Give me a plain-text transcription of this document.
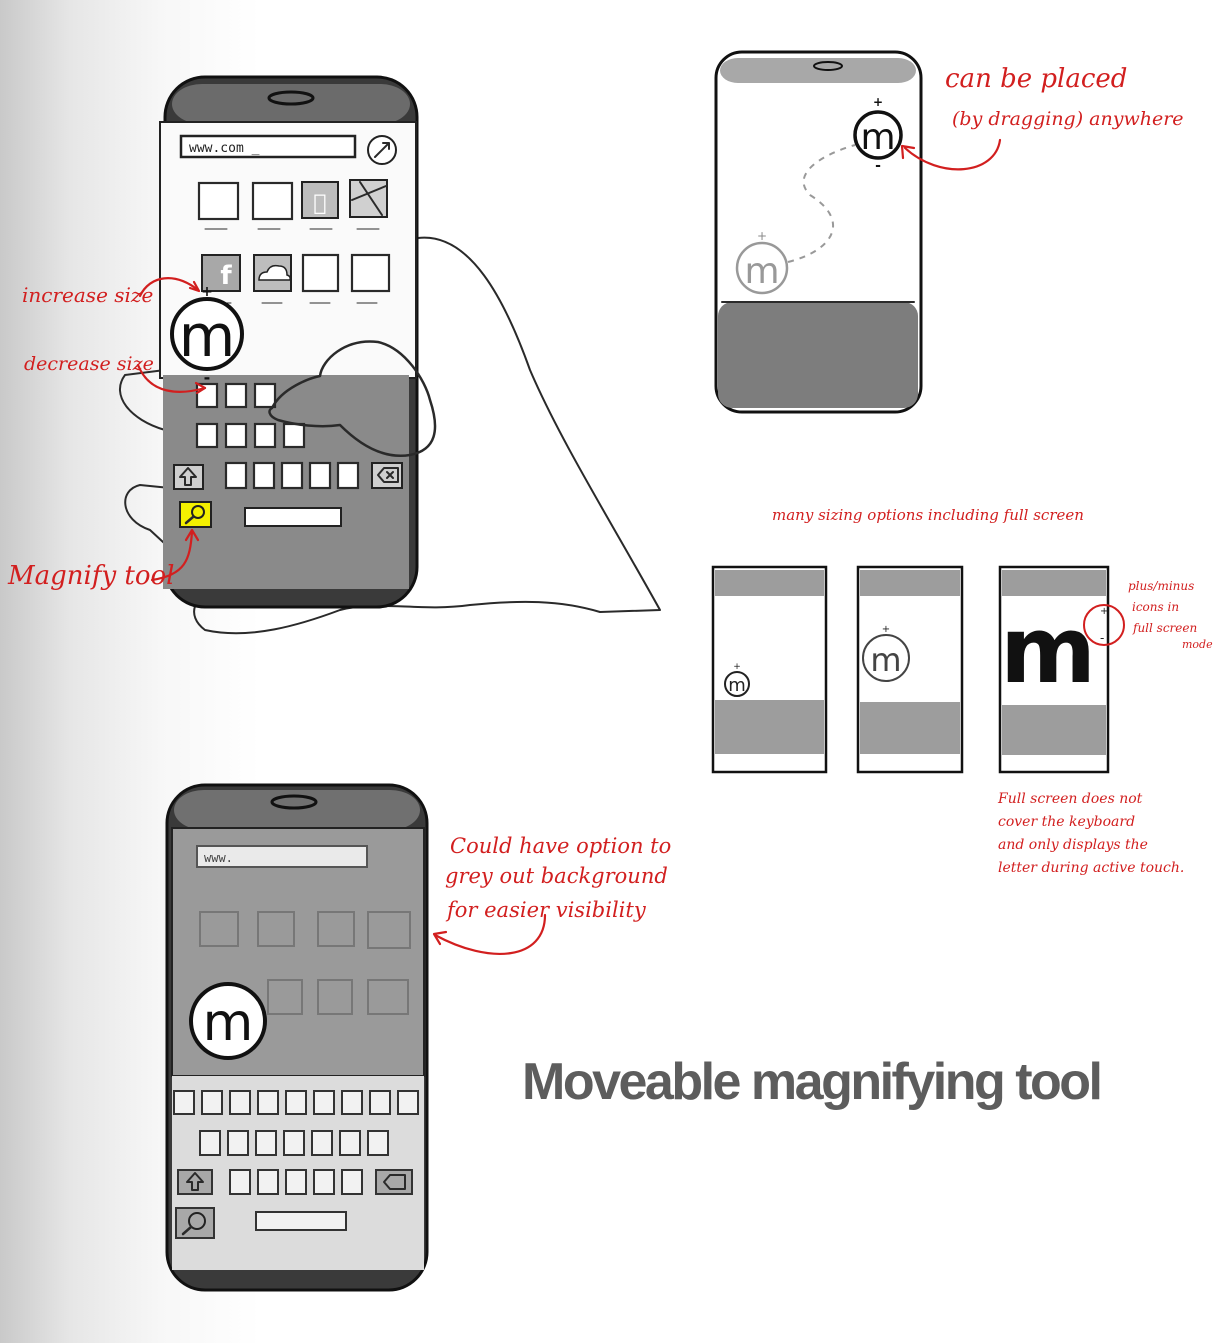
www.com _
f
m
+
-
increase size
decrease size
Magnify tool
m
+
-
m
+
can be placed
(by dragging) anywhere
many sizing options including full screen
m
+	m
+ m +
-
plus/minus
icons in
full screen
mode
Full screen does not
cover the keyboard
and only displays the
letter during active touch.
www.
m
Could have option to
grey out background
for easier visibility
Moveable magnifying tool
